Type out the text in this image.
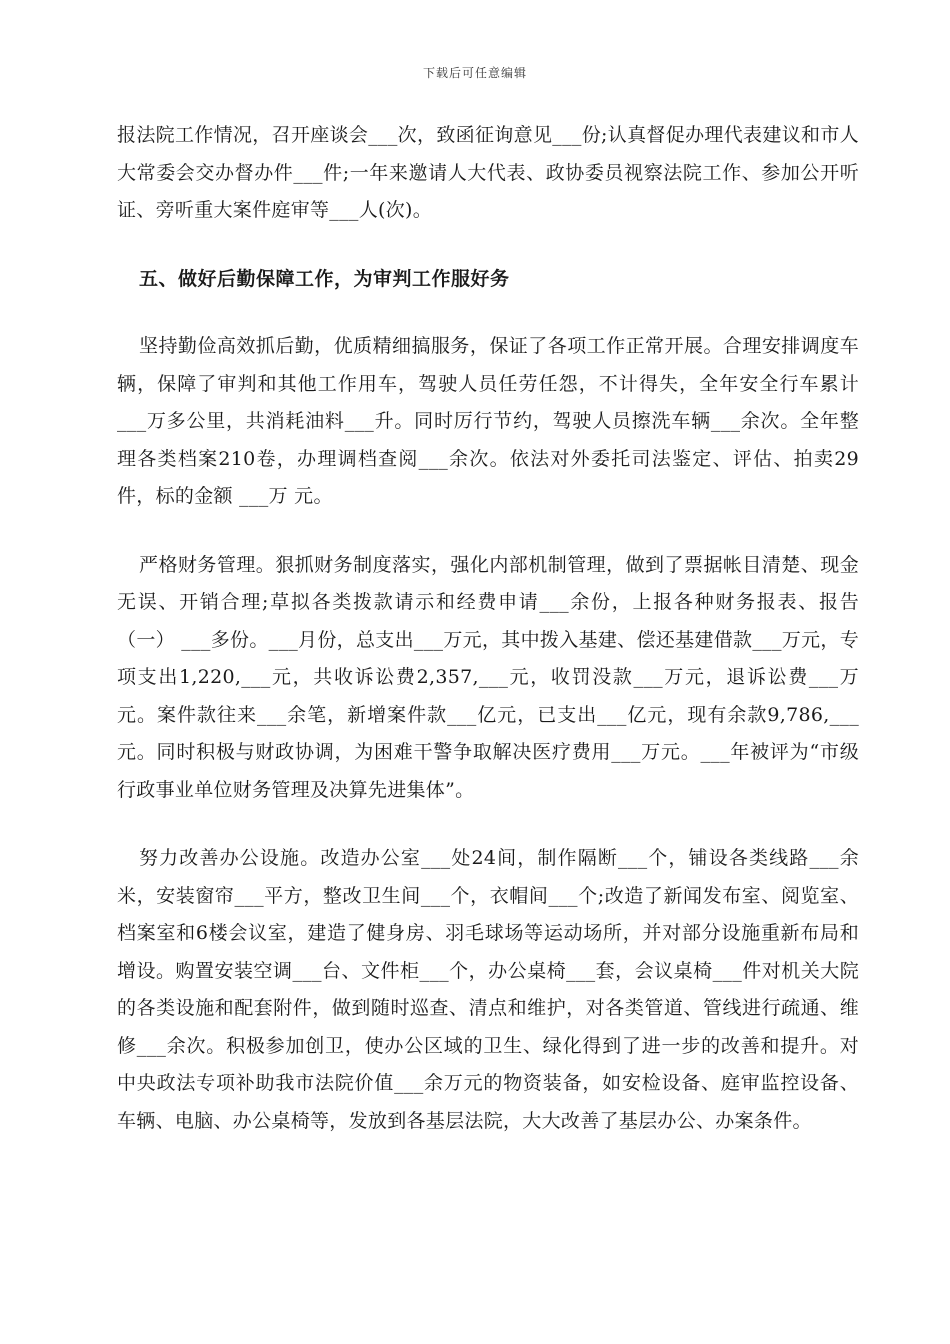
下载后可任意编辑

报法院工作情况，召开座谈会___次，致函征询意见___份;认真督促办理代表建议和市人大常委会交办督办件___件;一年来邀请人大代表、政协委员视察法院工作、参加公开听证、旁听重大案件庭审等___人(次)。

五、做好后勤保障工作，为审判工作服好务

坚持勤俭高效抓后勤，优质精细搞服务，保证了各项工作正常开展。合理安排调度车辆，保障了审判和其他工作用车，驾驶人员任劳任怨，不计得失，全年安全行车累计___万多公里，共消耗油料___升。同时厉行节约，驾驶人员擦洗车辆___余次。全年整理各类档案210卷，办理调档查阅___余次。依法对外委托司法鉴定、评估、拍卖29 件，标的金额 ___万 元。

严格财务管理。狠抓财务制度落实，强化内部机制管理，做到了票据帐目清楚、现金无误、开销合理;草拟各类拨款请示和经费申请___余份，上报各种财务报表、报告（一） ___多份。___月份，总支出___万元，其中拨入基建、偿还基建借款___万元，专项支出1,220,___元，共收诉讼费2,357,___元，收罚没款___万元，退诉讼费___万元。案件款往来___余笔，新增案件款___亿元，已支出___亿元，现有余款9,786,___元。同时积极与财政协调，为困难干警争取解决医疗费用___万元。___年被评为“市级行政事业单位财务管理及决算先进集体”。

努力改善办公设施。改造办公室___处24间，制作隔断___个，铺设各类线路___余米，安装窗帘___平方，整改卫生间___个，衣帽间___个;改造了新闻发布室、阅览室、档案室和6楼会议室，建造了健身房、羽毛球场等运动场所，并对部分设施重新布局和增设。购置安装空调___台、文件柜___个，办公桌椅___套，会议桌椅___件对机关大院的各类设施和配套附件，做到随时巡查、清点和维护，对各类管道、管线进行疏通、维修___余次。积极参加创卫，使办公区域的卫生、绿化得到了进一步的改善和提升。对中央政法专项补助我市法院价值___余万元的物资装备，如安检设备、庭审监控设备、车辆、电脑、办公桌椅等，发放到各基层法院，大大改善了基层办公、办案条件。
